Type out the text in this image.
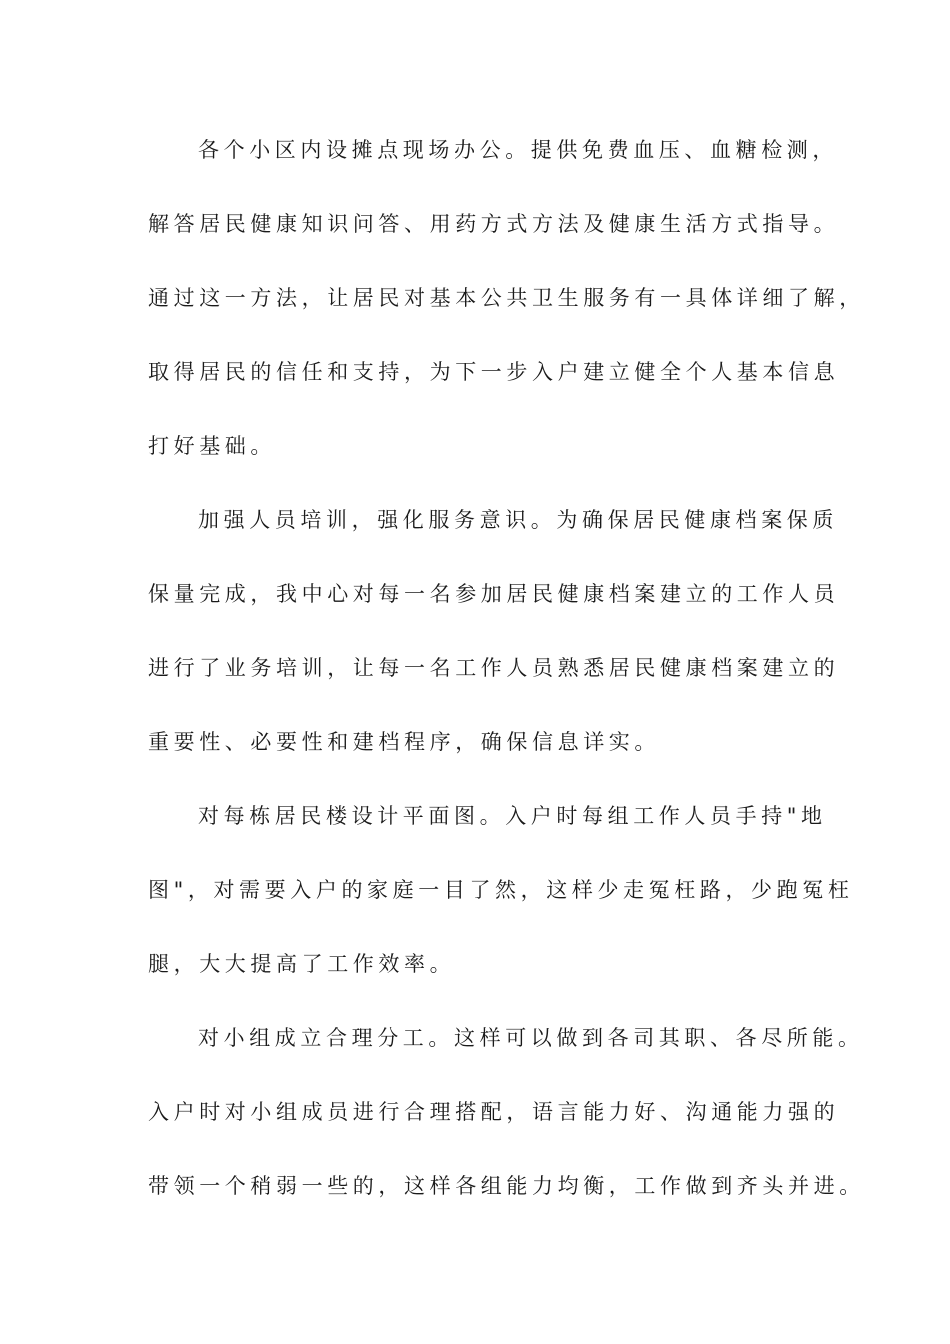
各个小区内设摊点现场办公。提供免费血压、血糖检测，
解答居民健康知识问答、用药方式方法及健康生活方式指导。
通过这一方法，让居民对基本公共卫生服务有一具体详细了解，
取得居民的信任和支持，为下一步入户建立健全个人基本信息
打好基础。
加强人员培训，强化服务意识。为确保居民健康档案保质
保量完成，我中心对每一名参加居民健康档案建立的工作人员
进行了业务培训，让每一名工作人员熟悉居民健康档案建立的
重要性、必要性和建档程序，确保信息详实。
对每栋居民楼设计平面图。入户时每组工作人员手持"地
图"，对需要入户的家庭一目了然，这样少走冤枉路，少跑冤枉
腿，大大提高了工作效率。
对小组成立合理分工。这样可以做到各司其职、各尽所能。
入户时对小组成员进行合理搭配，语言能力好、沟通能力强的
带领一个稍弱一些的，这样各组能力均衡，工作做到齐头并进。
